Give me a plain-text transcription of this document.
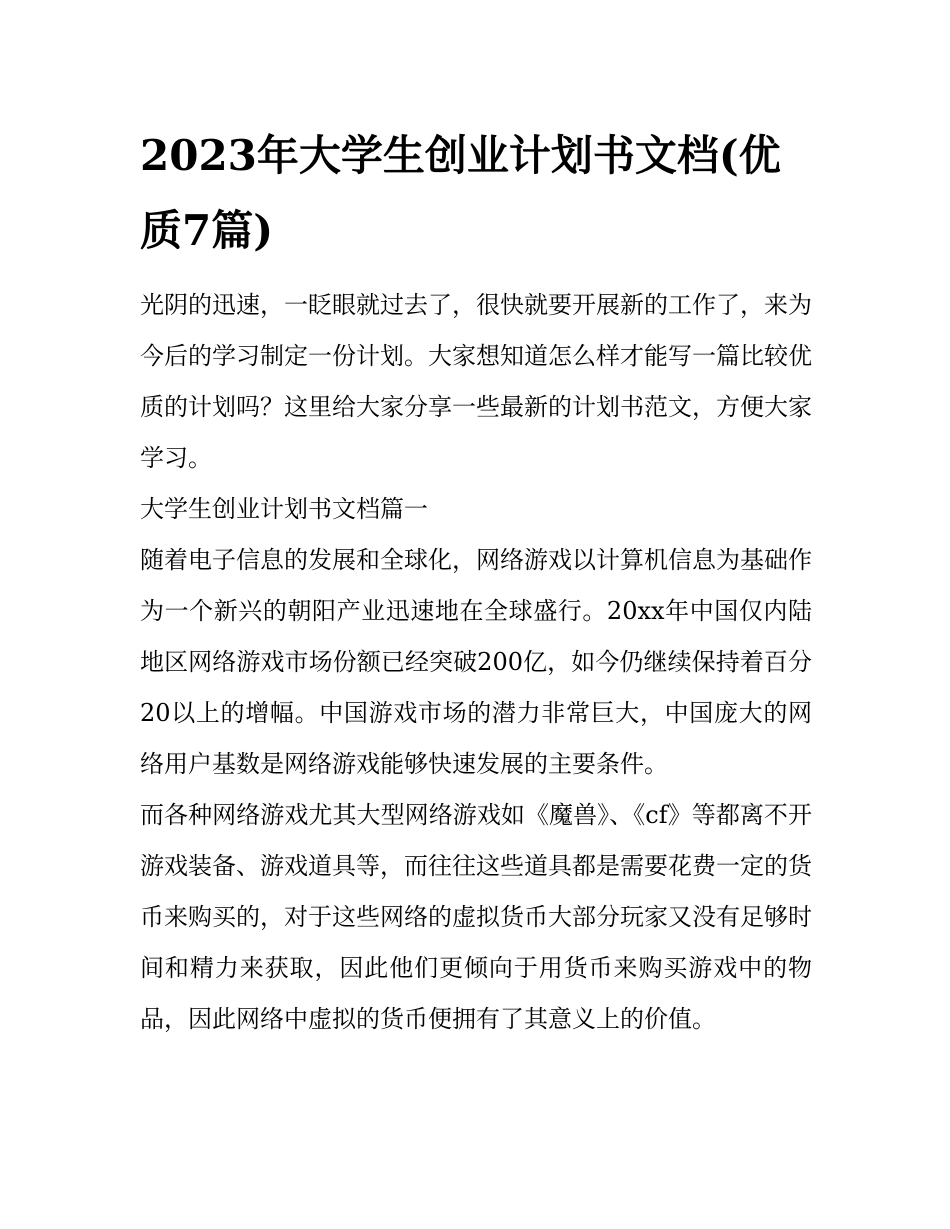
2023年大学生创业计划书文档(优质7篇)

光阴的迅速，一眨眼就过去了，很快就要开展新的工作了，来为今后的学习制定一份计划。大家想知道怎么样才能写一篇比较优质的计划吗？这里给大家分享一些最新的计划书范文，方便大家学习。

大学生创业计划书文档篇一

随着电子信息的发展和全球化，网络游戏以计算机信息为基础作为一个新兴的朝阳产业迅速地在全球盛行。20xx年中国仅内陆地区网络游戏市场份额已经突破200亿，如今仍继续保持着百分20以上的增幅。中国游戏市场的潜力非常巨大，中国庞大的网络用户基数是网络游戏能够快速发展的主要条件。

而各种网络游戏尤其大型网络游戏如《魔兽》、《cf》等都离不开游戏装备、游戏道具等，而往往这些道具都是需要花费一定的货币来购买的，对于这些网络的虚拟货币大部分玩家又没有足够时间和精力来获取，因此他们更倾向于用货币来购买游戏中的物品，因此网络中虚拟的货币便拥有了其意义上的价值。
